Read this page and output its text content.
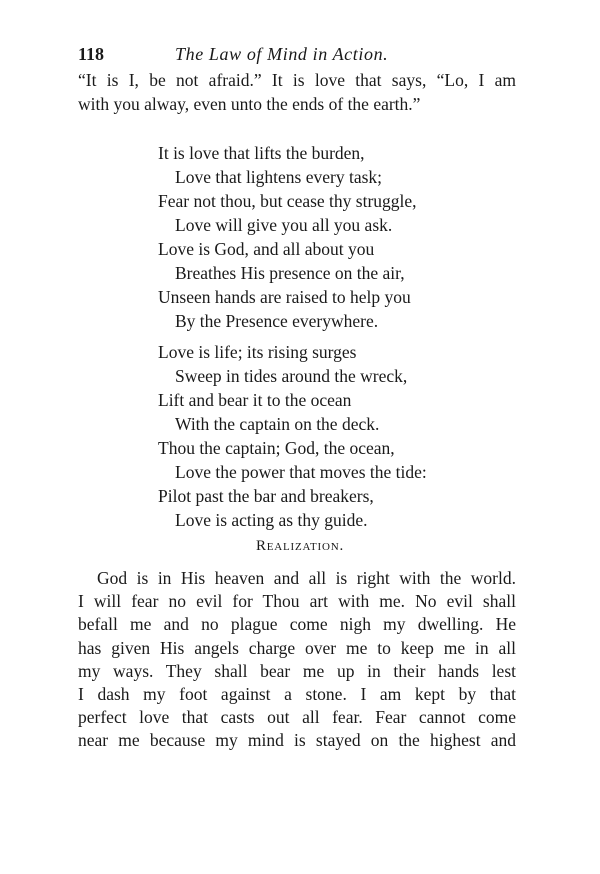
118	The Law of Mind in Action.
“It is I, be not afraid.” It is love that says, “Lo, I am
with you alway, even unto the ends of the earth.”
It is love that lifts the burden,
Love that lightens every task;
Fear not thou, but cease thy struggle,
Love will give you all you ask.
Love is God, and all about you
Breathes His presence on the air,
Unseen hands are raised to help you
By the Presence everywhere.
Love is life; its rising surges
Sweep in tides around the wreck,
Lift and bear it to the ocean
With the captain on the deck.
Thou the captain; God, the ocean,
Love the power that moves the tide:
Pilot past the bar and breakers,
Love is acting as thy guide.
Realization.
God is in His heaven and all is right with the world.
I will fear no evil for Thou art with me. No evil shall
befall me and no plague come nigh my dwelling. He
has given His angels charge over me to keep me in all
my ways. They shall bear me up in their hands lest
I dash my foot against a stone. I am kept by that
perfect love that casts out all fear. Fear cannot come
near me because my mind is stayed on the highest and
